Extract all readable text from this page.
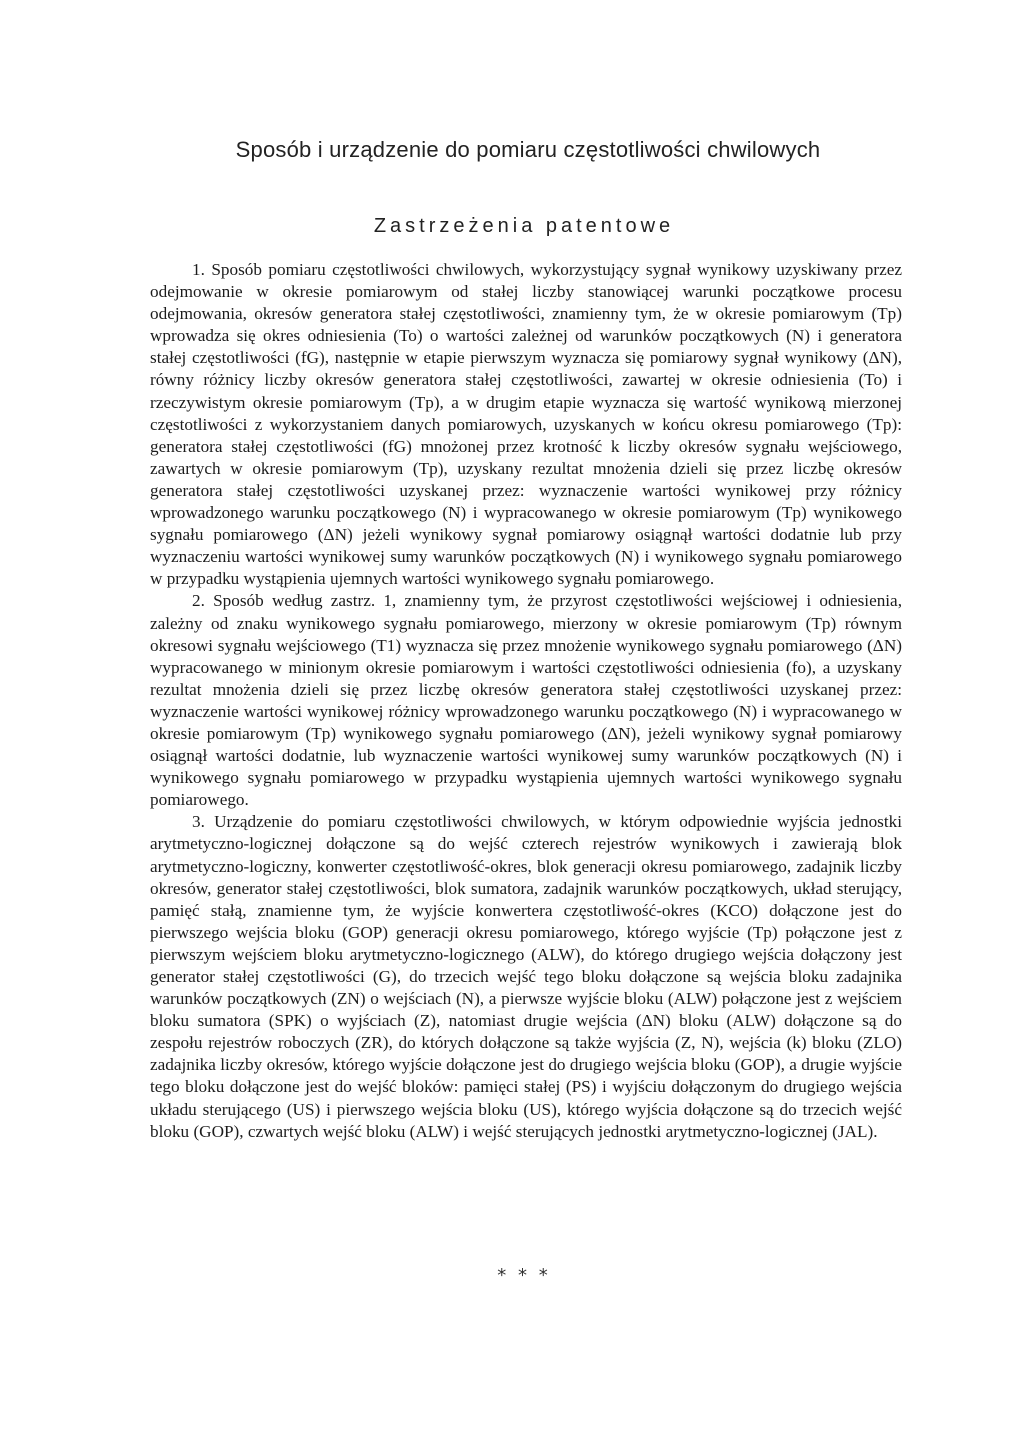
Sposób i urządzenie do pomiaru częstotliwości chwilowych
Zastrzeżenia patentowe

1. Sposób pomiaru częstotliwości chwilowych, wykorzystujący sygnał wynikowy uzyskiwany przez odejmowanie w okresie pomiarowym od stałej liczby stanowiącej warunki początkowe procesu odejmowania, okresów generatora stałej częstotliwości, znamienny tym, że w okresie pomiarowym (Tp) wprowadza się okres odniesienia (To) o wartości zależnej od warunków początkowych (N) i generatora stałej częstotliwości (fG), następnie w etapie pierwszym wyznacza się pomiarowy sygnał wynikowy (ΔN), równy różnicy liczby okresów generatora stałej częstotliwości, zawartej w okresie odniesienia (To) i rzeczywistym okresie pomiarowym (Tp), a w drugim etapie wyznacza się wartość wynikową mierzonej częstotliwości z wykorzystaniem danych pomiarowych, uzyskanych w końcu okresu pomiarowego (Tp): generatora stałej częstotliwości (fG) mnożonej przez krotność k liczby okresów sygnału wejściowego, zawartych w okresie pomiarowym (Tp), uzyskany rezultat mnożenia dzieli się przez liczbę okresów generatora stałej częstotliwości uzyskanej przez: wyznaczenie wartości wynikowej przy różnicy wprowadzonego warunku początkowego (N) i wypracowanego w okresie pomiarowym (Tp) wynikowego sygnału pomiarowego (ΔN) jeżeli wynikowy sygnał pomiarowy osiągnął wartości dodatnie lub przy wyznaczeniu wartości wynikowej sumy warunków początkowych (N) i wynikowego sygnału pomiarowego w przypadku wystąpienia ujemnych wartości wynikowego sygnału pomiarowego.

2. Sposób według zastrz. 1, znamienny tym, że przyrost częstotliwości wejściowej i odniesienia, zależny od znaku wynikowego sygnału pomiarowego, mierzony w okresie pomiarowym (Tp) równym okresowi sygnału wejściowego (T1) wyznacza się przez mnożenie wynikowego sygnału pomiarowego (ΔN) wypracowanego w minionym okresie pomiarowym i wartości częstotliwości odniesienia (fo), a uzyskany rezultat mnożenia dzieli się przez liczbę okresów generatora stałej częstotliwości uzyskanej przez: wyznaczenie wartości wynikowej różnicy wprowadzonego warunku początkowego (N) i wypracowanego w okresie pomiarowym (Tp) wynikowego sygnału pomiarowego (ΔN), jeżeli wynikowy sygnał pomiarowy osiągnął wartości dodatnie, lub wyznaczenie wartości wynikowej sumy warunków początkowych (N) i wynikowego sygnału pomiarowego w przypadku wystąpienia ujemnych wartości wynikowego sygnału pomiarowego.

3. Urządzenie do pomiaru częstotliwości chwilowych, w którym odpowiednie wyjścia jednostki arytmetyczno-logicznej dołączone są do wejść czterech rejestrów wynikowych i zawierają blok arytmetyczno-logiczny, konwerter częstotliwość-okres, blok generacji okresu pomiarowego, zadajnik liczby okresów, generator stałej częstotliwości, blok sumatora, zadajnik warunków początkowych, układ sterujący, pamięć stałą, znamienne tym, że wyjście konwertera częstotliwość-okres (KCO) dołączone jest do pierwszego wejścia bloku (GOP) generacji okresu pomiarowego, którego wyjście (Tp) połączone jest z pierwszym wejściem bloku arytmetyczno-logicznego (ALW), do którego drugiego wejścia dołączony jest generator stałej częstotliwości (G), do trzecich wejść tego bloku dołączone są wejścia bloku zadajnika warunków początkowych (ZN) o wejściach (N), a pierwsze wyjście bloku (ALW) połączone jest z wejściem bloku sumatora (SPK) o wyjściach (Z), natomiast drugie wejścia (ΔN) bloku (ALW) dołączone są do zespołu rejestrów roboczych (ZR), do których dołączone są także wyjścia (Z, N), wejścia (k) bloku (ZLO) zadajnika liczby okresów, którego wyjście dołączone jest do drugiego wejścia bloku (GOP), a drugie wyjście tego bloku dołączone jest do wejść bloków: pamięci stałej (PS) i wyjściu dołączonym do drugiego wejścia układu sterującego (US) i pierwszego wejścia bloku (US), którego wyjścia dołączone są do trzecich wejść bloku (GOP), czwartych wejść bloku (ALW) i wejść sterujących jednostki arytmetyczno-logicznej (JAL).

* * *
